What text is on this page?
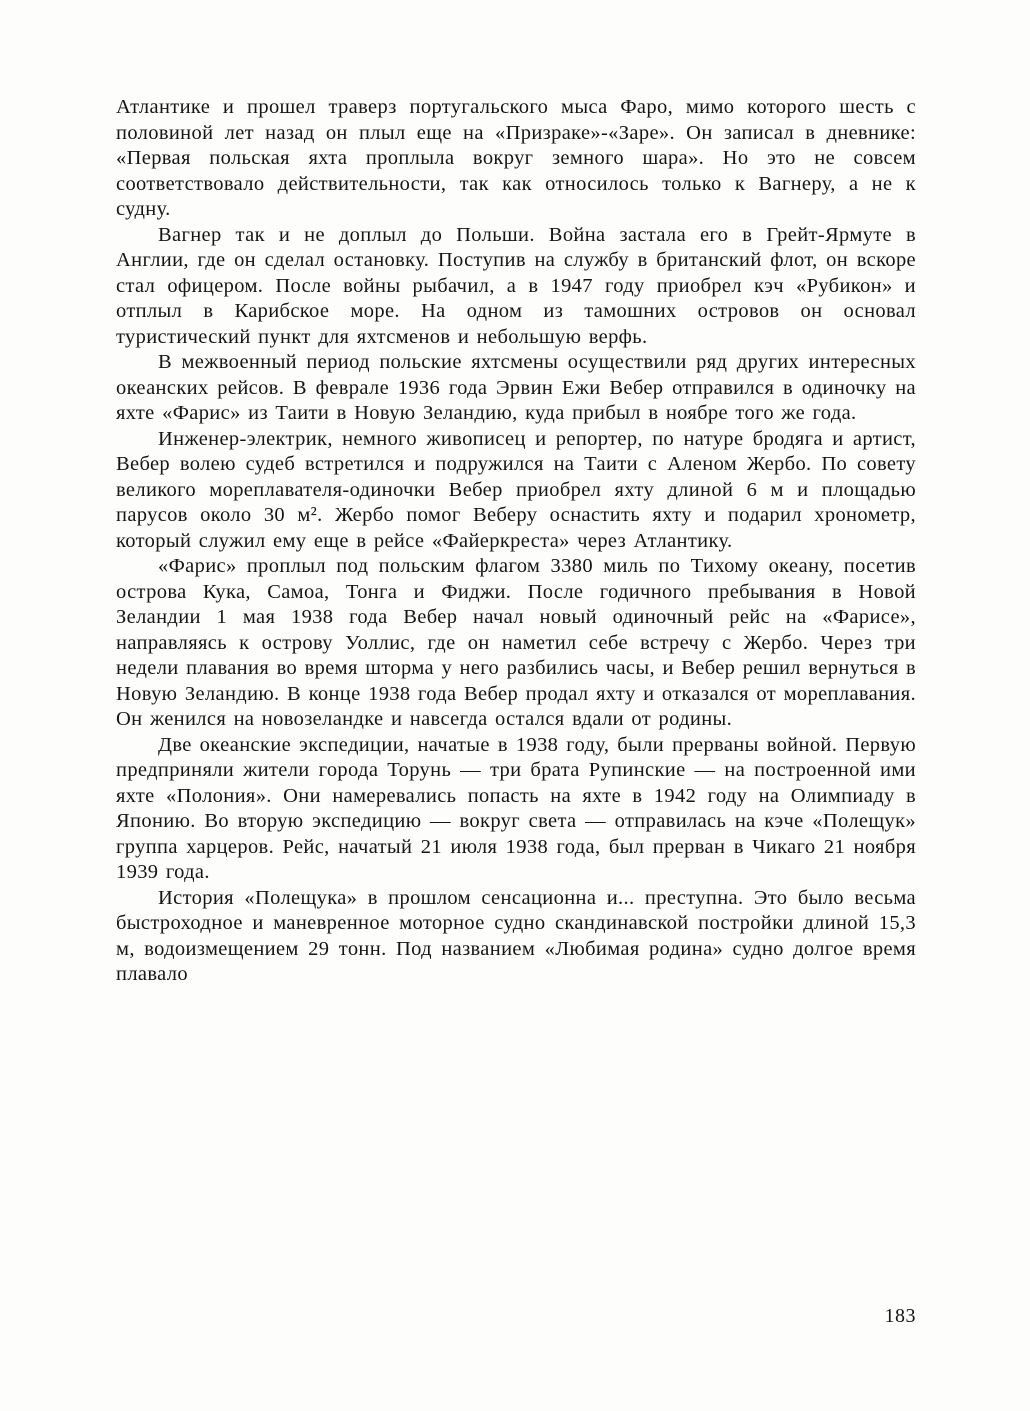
Атлантике и прошел траверз португальского мыса Фаро, мимо которого шесть с половиной лет назад он плыл еще на «Призраке»-«Заре». Он записал в дневнике: «Первая польская яхта проплыла вокруг земного шара». Но это не совсем соответствовало действительности, так как относилось только к Вагнеру, а не к судну.

Вагнер так и не доплыл до Польши. Война застала его в Грейт-Ярмуте в Англии, где он сделал остановку. Поступив на службу в британский флот, он вскоре стал офицером. После войны рыбачил, а в 1947 году приобрел кэч «Рубикон» и отплыл в Карибское море. На одном из тамошних островов он основал туристический пункт для яхтсменов и небольшую верфь.

В межвоенный период польские яхтсмены осуществили ряд других интересных океанских рейсов. В феврале 1936 года Эрвин Ежи Вебер отправился в одиночку на яхте «Фарис» из Таити в Новую Зеландию, куда прибыл в ноябре того же года.

Инженер-электрик, немного живописец и репортер, по натуре бродяга и артист, Вебер волею судеб встретился и подружился на Таити с Аленом Жербо. По совету великого мореплавателя-одиночки Вебер приобрел яхту длиной 6 м и площадью парусов около 30 м². Жербо помог Веберу оснастить яхту и подарил хронометр, который служил ему еще в рейсе «Файеркреста» через Атлантику.

«Фарис» проплыл под польским флагом 3380 миль по Тихому океану, посетив острова Кука, Самоа, Тонга и Фиджи. После годичного пребывания в Новой Зеландии 1 мая 1938 года Вебер начал новый одиночный рейс на «Фарисе», направляясь к острову Уоллис, где он наметил себе встречу с Жербо. Через три недели плавания во время шторма у него разбились часы, и Вебер решил вернуться в Новую Зеландию. В конце 1938 года Вебер продал яхту и отказался от мореплавания. Он женился на новозеландке и навсегда остался вдали от родины.

Две океанские экспедиции, начатые в 1938 году, были прерваны войной. Первую предприняли жители города Торунь — три брата Рупинские — на построенной ими яхте «Полония». Они намеревались попасть на яхте в 1942 году на Олимпиаду в Японию. Во вторую экспедицию — вокруг света — отправилась на кэче «Полещук» группа харцеров. Рейс, начатый 21 июля 1938 года, был прерван в Чикаго 21 ноября 1939 года.

История «Полещука» в прошлом сенсационна и... преступна. Это было весьма быстроходное и маневренное моторное судно скандинавской постройки длиной 15,3 м, водоизмещением 29 тонн. Под названием «Любимая родина» судно долгое время плавало

183
